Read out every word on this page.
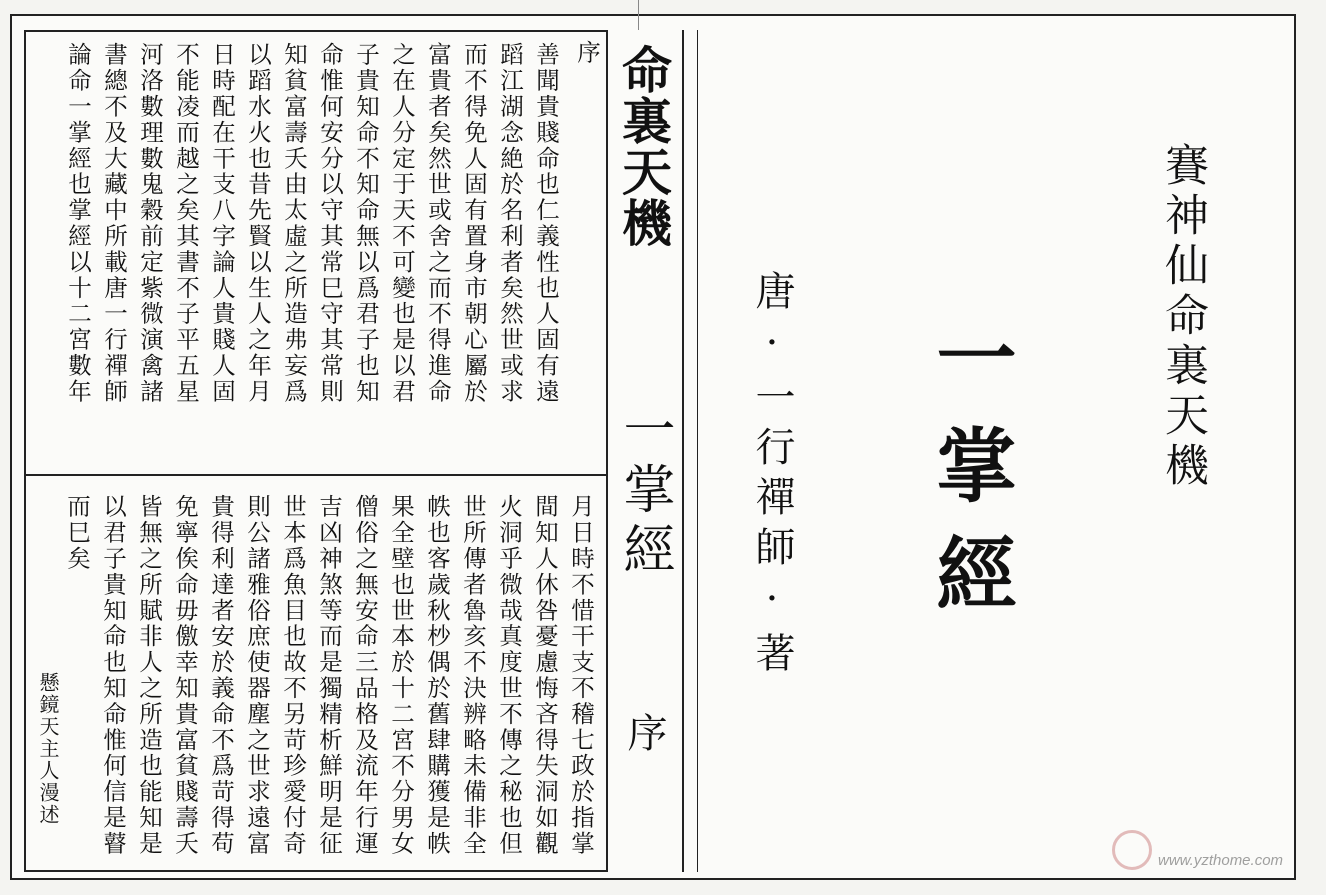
序
善聞貴賤命也仁義性也人固有遠
蹈江湖念絶於名利者矣然世或求
而不得免人固有置身市朝心屬於
富貴者矣然世或舍之而不得進命
之在人分定于天不可變也是以君
子貴知命不知命無以爲君子也知
命惟何安分以守其常巳守其常則
知貧富壽夭由太虛之所造弗妄爲
以蹈水火也昔先賢以生人之年月
日時配在干支八字論人貴賤人固
不能凌而越之矣其書不子平五星
河洛數理數鬼穀前定紫微演禽諸
書總不及大藏中所載唐一行禪師
論命一掌經也掌經以十二宮數年
月日時不惜干支不稽七政於指掌
間知人休咎憂慮悔吝得失洞如觀
火洞乎微哉真度世不傳之秘也但
世所傳者魯亥不決辨略未備非全
帙也客歲秋杪偶於舊肆購獲是帙
果全壁也世本於十二宮不分男女
僧俗之無安命三品格及流年行運
吉凶神煞等而是獨精析鮮明是征
世本爲魚目也故不另苛珍愛付奇
則公諸雅俗庶使器塵之世求遠富
貴得利達者安於義命不爲苛得苟
免寧俟命毋儌幸知貴富貧賤壽夭
皆無之所賦非人之所造也能知是
以君子貴知命也知命惟何信是瞽
而巳矣
懸鏡天主人漫述
命裏天機
一掌經
序
賽神仙命裏天機
一掌經
唐·一行禪師·著
www.yzthome.com
